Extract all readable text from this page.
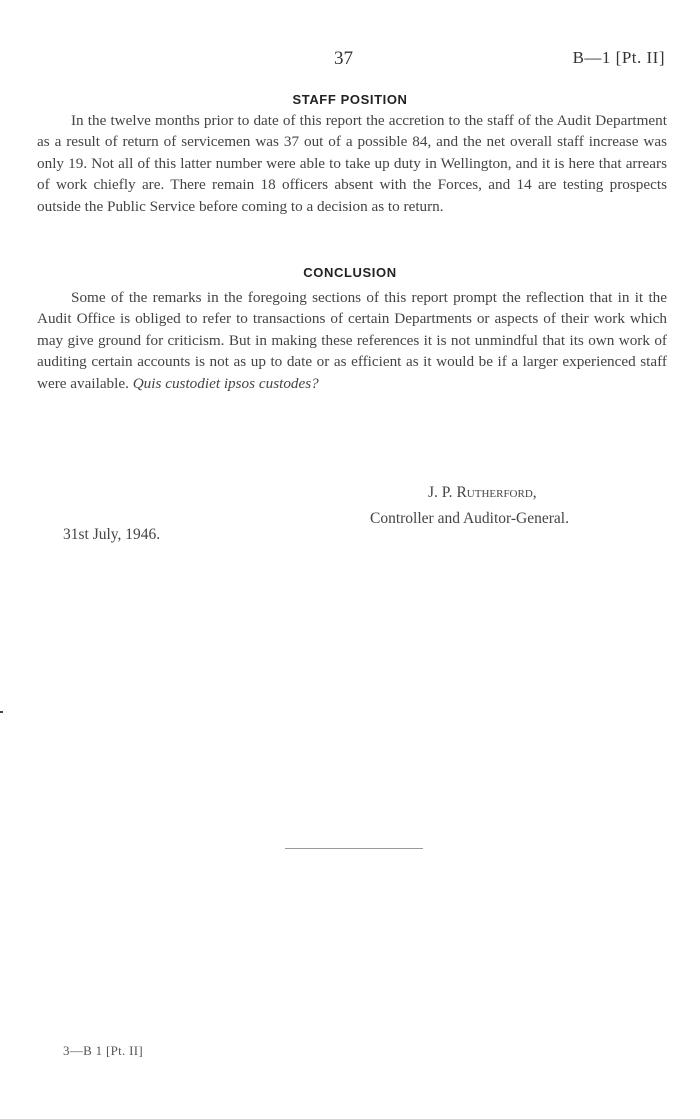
37	B—1 [Pt. II]
STAFF POSITION

In the twelve months prior to date of this report the accretion to the staff of the Audit Department as a result of return of servicemen was 37 out of a possible 84, and the net overall staff increase was only 19. Not all of this latter number were able to take up duty in Wellington, and it is here that arrears of work chiefly are. There remain 18 officers absent with the Forces, and 14 are testing prospects outside the Public Service before coming to a decision as to return.

CONCLUSION

Some of the remarks in the foregoing sections of this report prompt the reflection that in it the Audit Office is obliged to refer to transactions of certain Departments or aspects of their work which may give ground for criticism. But in making these references it is not unmindful that its own work of auditing certain accounts is not as up to date or as efficient as it would be if a larger experienced staff were available. Quis custodiet ipsos custodes?

J. P. Rutherford,
Controller and Auditor-General.
31st July, 1946.
3—B 1 [Pt. II]
